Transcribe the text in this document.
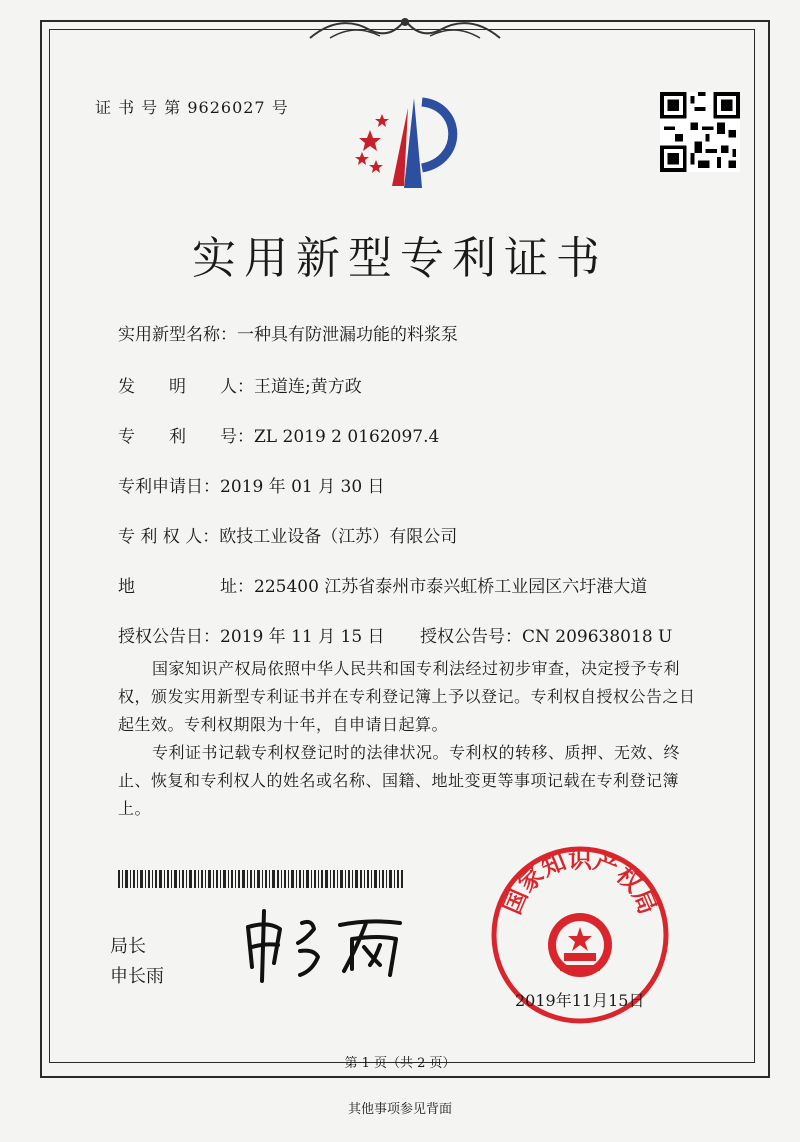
证 书 号 第 9626027 号
实用新型专利证书
实用新型名称：一种具有防泄漏功能的料浆泵
发　　明　　人：王道连;黄方政
专　　利　　号：ZL 2019 2 0162097.4
专利申请日：2019 年 01 月 30 日
专 利 权 人：欧技工业设备（江苏）有限公司
地　　　　　址：225400 江苏省泰州市泰兴虹桥工业园区六圩港大道
授权公告日：2019 年 11 月 15 日 授权公告号：CN 209638018 U
国家知识产权局依照中华人民共和国专利法经过初步审查，决定授予专利权，颁发实用新型专利证书并在专利登记簿上予以登记。专利权自授权公告之日起生效。专利权期限为十年，自申请日起算。
专利证书记载专利权登记时的法律状况。专利权的转移、质押、无效、终止、恢复和专利权人的姓名或名称、国籍、地址变更等事项记载在专利登记簿上。
局长
申长雨
国家知识产权局
2019年11月15日
第 1 页（共 2 页）
其他事项参见背面
